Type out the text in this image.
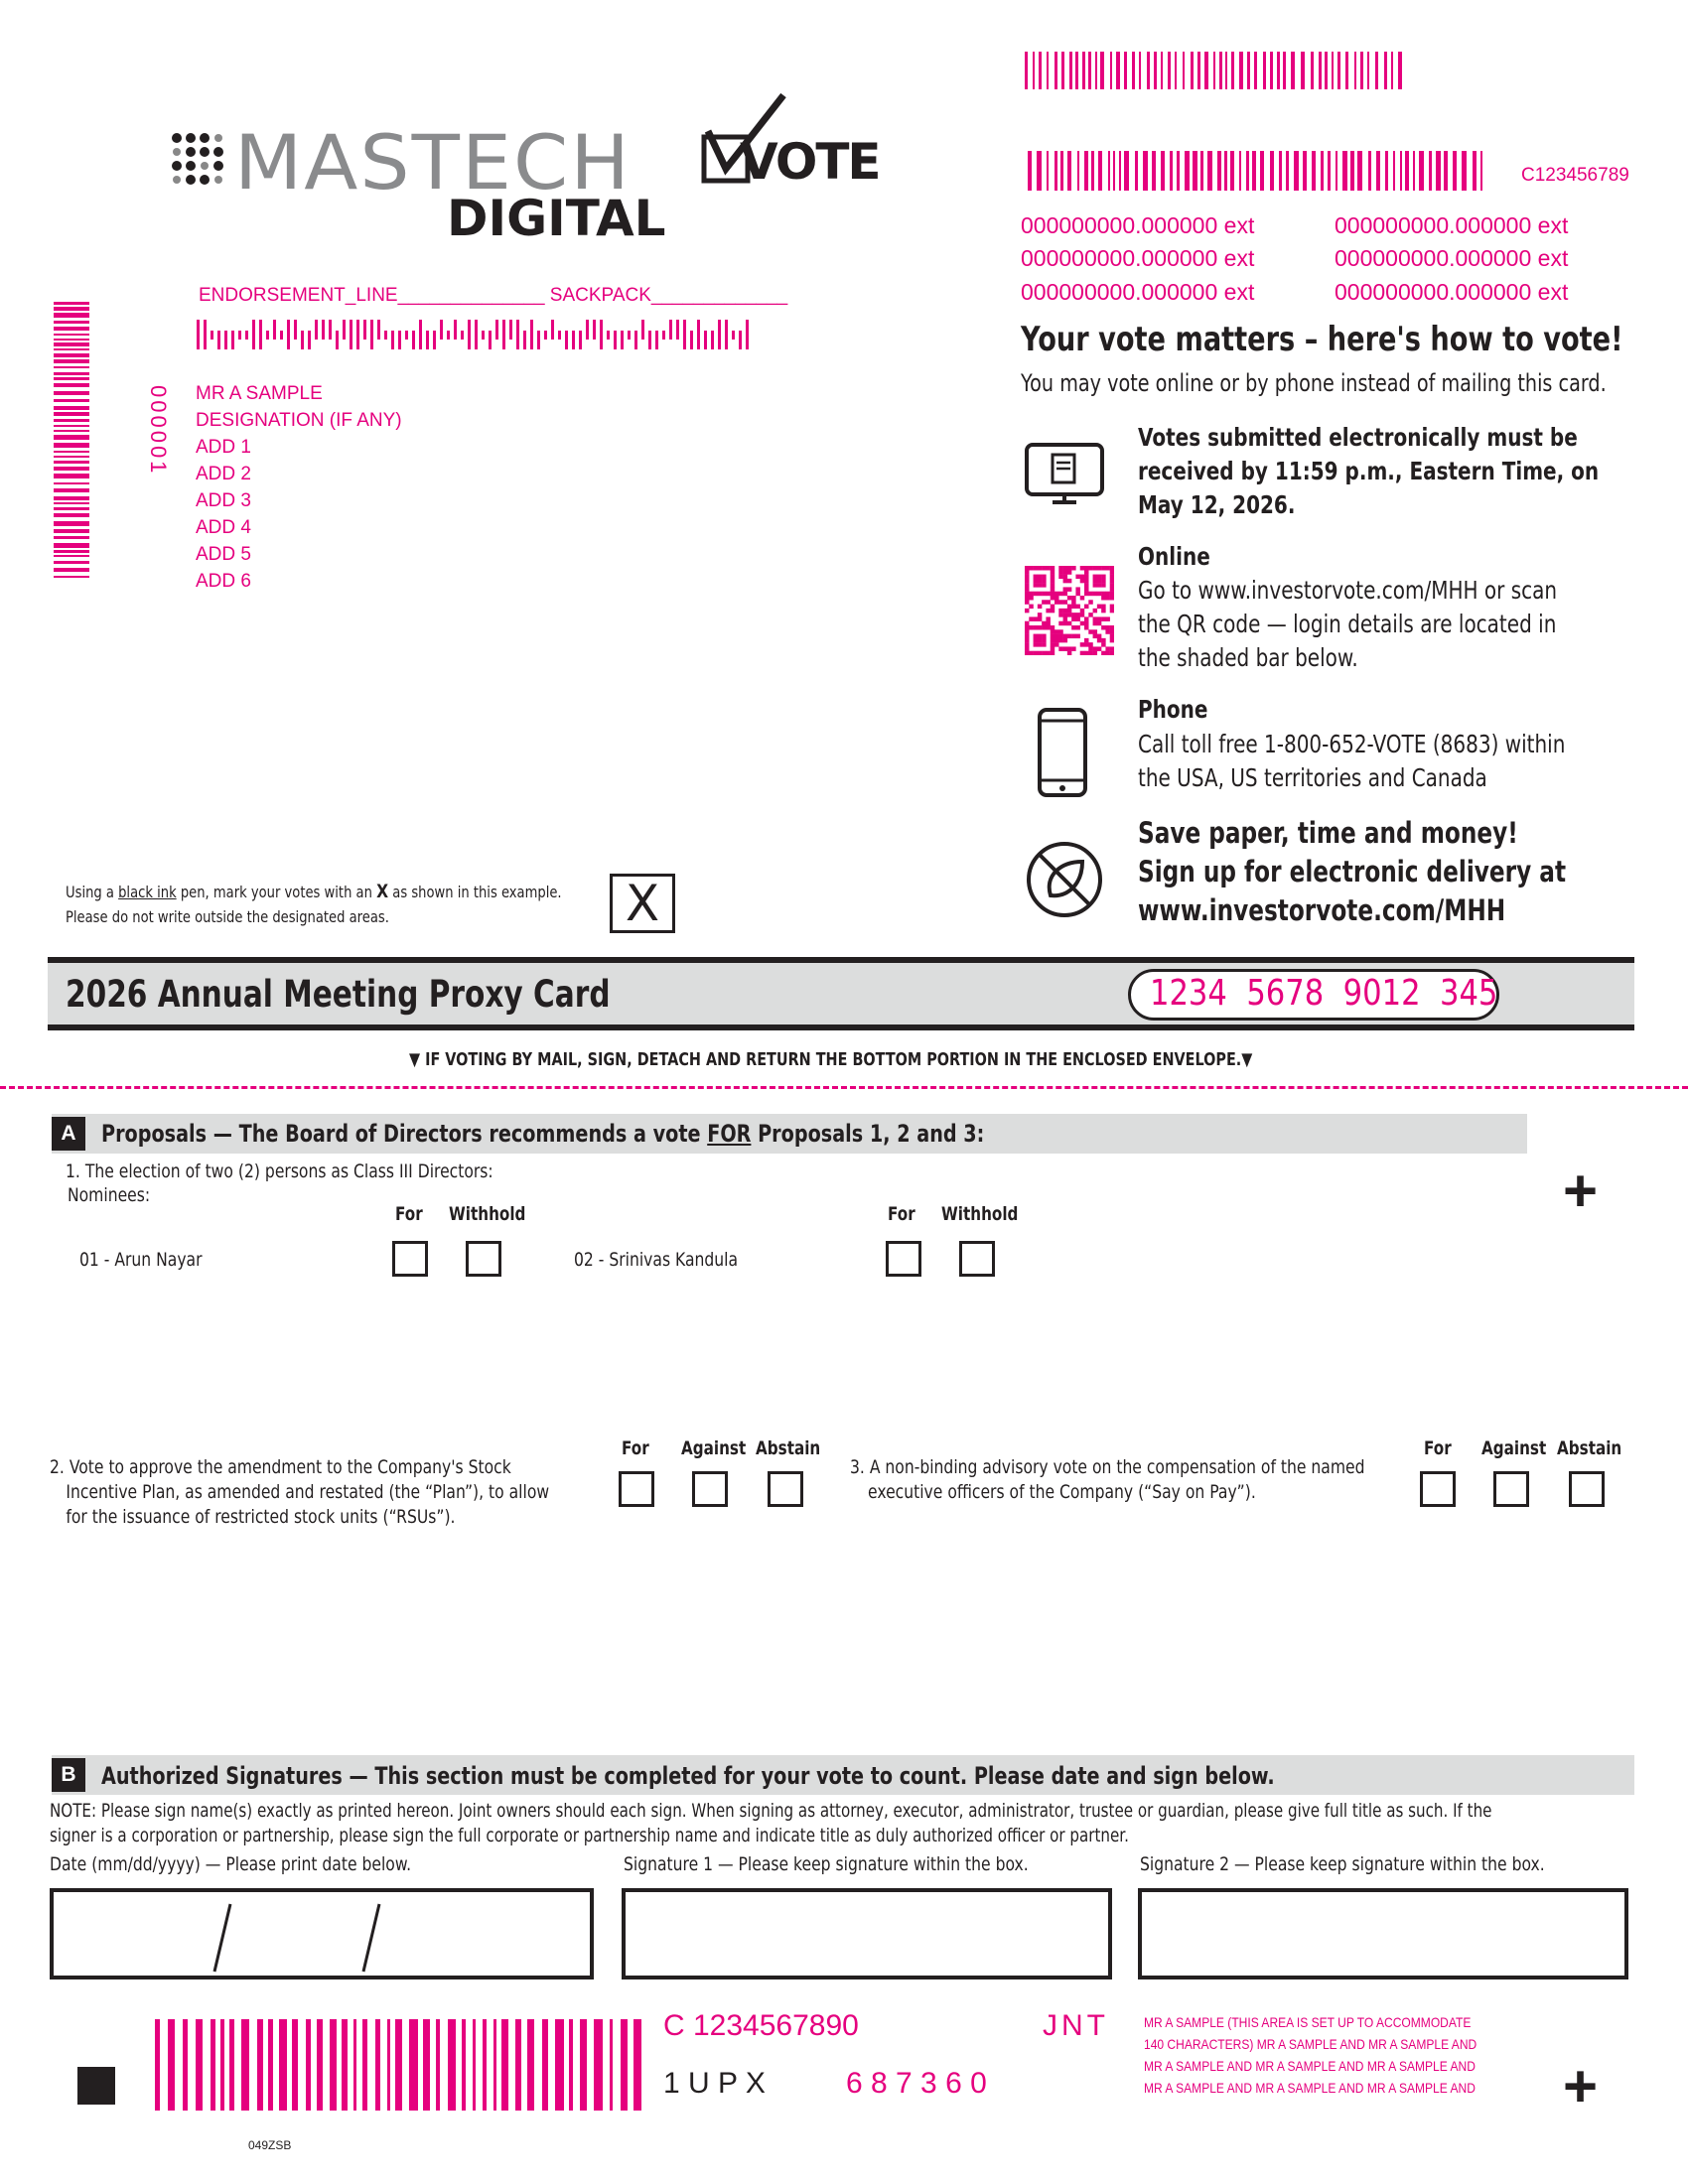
MASTECH
DIGITAL
VOTE	C123456789
000000000.000000 ext
000000000.000000 ext
000000000.000000 ext
000000000.000000 ext
000000000.000000 ext
000000000.000000 ext
ENDORSEMENT_LINE______________ SACKPACK_____________
000001 MR A SAMPLE
DESIGNATION (IF ANY)
ADD 1
ADD 2
ADD 3
ADD 4
ADD 5
ADD 6
Your vote matters – here's how to vote!
You may vote online or by phone instead of mailing this card.
Votes submitted electronically must be
received by 11:59 p.m., Eastern Time, on
May 12, 2026.
Online
Go to www.investorvote.com/MHH or scan
the QR code — login details are located in
the shaded bar below.
Phone
Call toll free 1-800-652-VOTE (8683) within
the USA, US territories and Canada
Save paper, time and money!
Sign up for electronic delivery at
www.investorvote.com/MHH
Using a black ink pen, mark your votes with an X as shown in this example.
Please do not write outside the designated areas.	X
2026 Annual Meeting Proxy Card	1234  5678  9012  345
▼ IF VOTING BY MAIL, SIGN, DETACH AND RETURN THE BOTTOM PORTION IN THE ENCLOSED ENVELOPE.▼
A	Proposals — The Board of Directors recommends a vote FOR Proposals 1, 2 and 3:
+
1. The election of two (2) persons as Class III Directors:
Nominees:
For Withhold	For Withhold
01 - Arun Nayar	02 - Srinivas Kandula
For Against Abstain
2. Vote to approve the amendment to the Company's Stock
Incentive Plan, as amended and restated (the “Plan”), to allow
for the issuance of restricted stock units (“RSUs”).
For Against Abstain
3. A non-binding advisory vote on the compensation of the named
executive officers of the Company (“Say on Pay”).
B	Authorized Signatures — This section must be completed for your vote to count. Please date and sign below.
NOTE: Please sign name(s) exactly as printed hereon. Joint owners should each sign. When signing as attorney, executor, administrator, trustee or guardian, please give full title as such. If the
signer is a corporation or partnership, please sign the full corporate or partnership name and indicate title as duly authorized officer or partner.
Date (mm/dd/yyyy) — Please print date below.	Signature 1 — Please keep signature within the box.	Signature 2 — Please keep signature within the box.
C 1234567890	JNT
1 U P X	6 8 7 3 6 0
MR A SAMPLE (THIS AREA IS SET UP TO ACCOMMODATE
140 CHARACTERS) MR A SAMPLE AND MR A SAMPLE AND
MR A SAMPLE AND MR A SAMPLE AND MR A SAMPLE AND
MR A SAMPLE AND MR A SAMPLE AND MR A SAMPLE AND +
049ZSB
